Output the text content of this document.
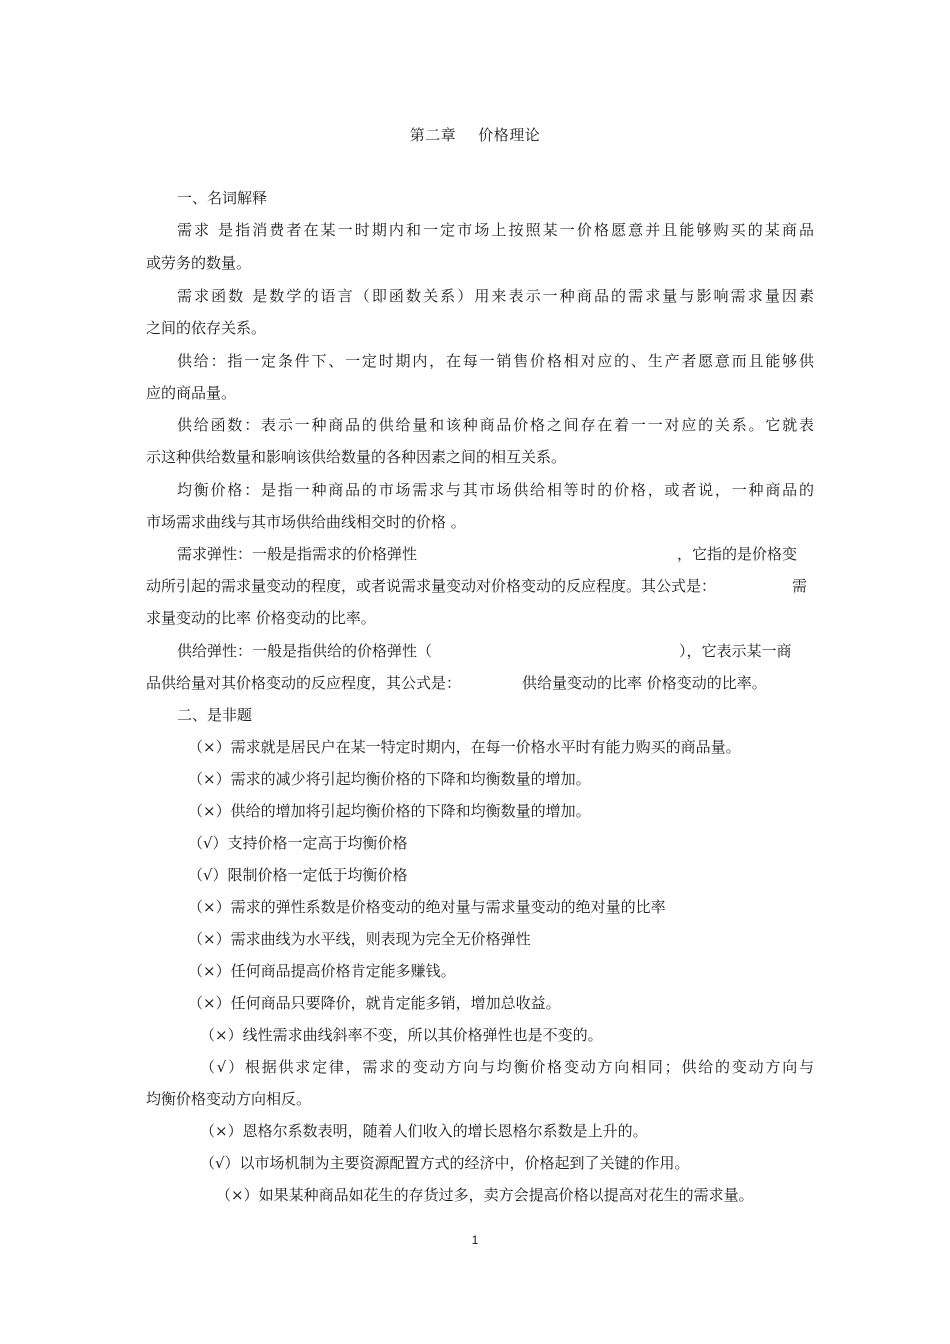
第二章 价格理论
一、名词解释
需求 是指消费者在某一时期内和一定市场上按照某一价格愿意并且能够购买的某商品
或劳务的数量。
需求函数 是数学的语言（即函数关系）用来表示一种商品的需求量与影响需求量因素
之间的依存关系。
供给：指一定条件下、一定时期内，在每一销售价格相对应的、生产者愿意而且能够供
应的商品量。
供给函数：表示一种商品的供给量和该种商品价格之间存在着一一对应的关系。它就表
示这种供给数量和影响该供给数量的各种因素之间的相互关系。
均衡价格：是指一种商品的市场需求与其市场供给相等时的价格，或者说，一种商品的
市场需求曲线与其市场供给曲线相交时的价格 。
需求弹性：一般是指需求的价格弹性	，它指的是价格变
动所引起的需求量变动的程度，或者说需求量变动对价格变动的反应程度。其公式是：	需
求量变动的比率 价格变动的比率。
供给弹性：一般是指供给的价格弹性（	），它表示某一商
品供给量对其价格变动的反应程度，其公式是：	供给量变动的比率 价格变动的比率。
二、是非题
（×）需求就是居民户在某一特定时期内，在每一价格水平时有能力购买的商品量。
（×）需求的减少将引起均衡价格的下降和均衡数量的增加。
（×）供给的增加将引起均衡价格的下降和均衡数量的增加。
（√）支持价格一定高于均衡价格
（√）限制价格一定低于均衡价格
（×）需求的弹性系数是价格变动的绝对量与需求量变动的绝对量的比率
（×）需求曲线为水平线，则表现为完全无价格弹性
（×）任何商品提高价格肯定能多赚钱。
（×）任何商品只要降价，就肯定能多销，增加总收益。
（×）线性需求曲线斜率不变，所以其价格弹性也是不变的。
（√）根据供求定律，需求的变动方向与均衡价格变动方向相同；供给的变动方向与
均衡价格变动方向相反。
（×）恩格尔系数表明，随着人们收入的增长恩格尔系数是上升的。
（√）以市场机制为主要资源配置方式的经济中，价格起到了关键的作用。
（×）如果某种商品如花生的存货过多，卖方会提高价格以提高对花生的需求量。
1
